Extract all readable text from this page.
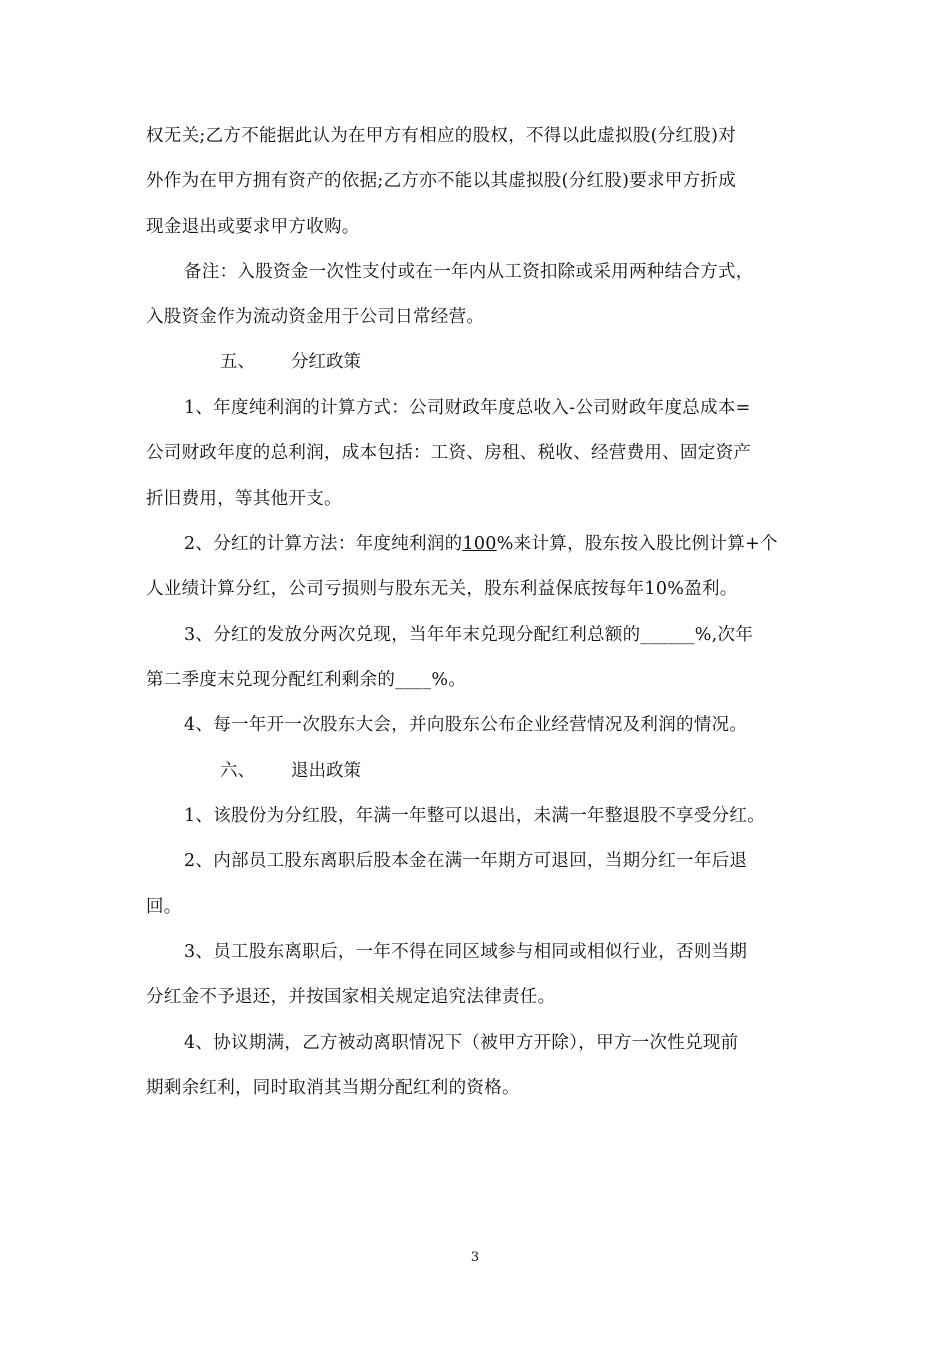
权无关;乙方不能据此认为在甲方有相应的股权，不得以此虚拟股(分红股)对
外作为在甲方拥有资产的依据;乙方亦不能以其虚拟股(分红股)要求甲方折成
现金退出或要求甲方收购。
备注：入股资金一次性支付或在一年内从工资扣除或采用两种结合方式，
入股资金作为流动资金用于公司日常经营。
五、 分红政策
1、年度纯利润的计算方式：公司财政年度总收入-公司财政年度总成本=
公司财政年度的总利润，成本包括：工资、房租、税收、经营费用、固定资产
折旧费用，等其他开支。
2、分红的计算方法：年度纯利润的100%来计算，股东按入股比例计算+个
人业绩计算分红，公司亏损则与股东无关，股东利益保底按每年10%盈利。
3、分红的发放分两次兑现，当年年末兑现分配红利总额的______%,次年
第二季度末兑现分配红利剩余的____%。
4、每一年开一次股东大会，并向股东公布企业经营情况及利润的情况。
六、 退出政策
1、该股份为分红股，年满一年整可以退出，未满一年整退股不享受分红。
2、内部员工股东离职后股本金在满一年期方可退回，当期分红一年后退
回。
3、员工股东离职后，一年不得在同区域参与相同或相似行业，否则当期
分红金不予退还，并按国家相关规定追究法律责任。
4、协议期满，乙方被动离职情况下（被甲方开除），甲方一次性兑现前
期剩余红利，同时取消其当期分配红利的资格。
3
